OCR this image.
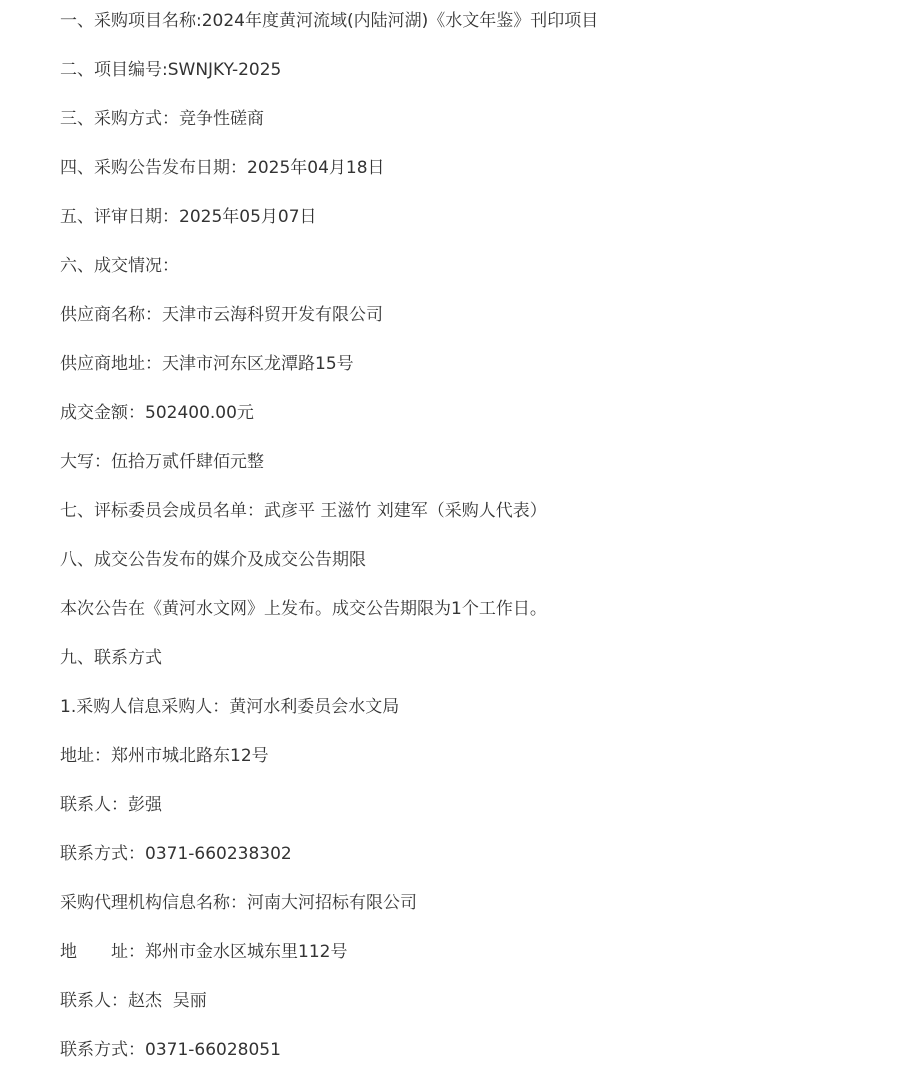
一、采购项目名称:2024年度黄河流域(内陆河湖)《水文年鉴》刊印项目

二、项目编号:SWNJKY-2025

三、采购方式：竞争性磋商

四、采购公告发布日期：2025年04月18日

五、评审日期：2025年05月07日

六、成交情况：

供应商名称：天津市云海科贸开发有限公司

供应商地址：天津市河东区龙潭路15号

成交金额：502400.00元

大写：伍拾万贰仟肆佰元整

七、评标委员会成员名单：武彦平 王滋竹 刘建军（采购人代表）

八、成交公告发布的媒介及成交公告期限

本次公告在《黄河水文网》上发布。成交公告期限为1个工作日。

九、联系方式

1.采购人信息采购人：黄河水利委员会水文局

地址：郑州市城北路东12号

联系人：彭强

联系方式：0371-660238302

采购代理机构信息名称：河南大河招标有限公司

地　　址：郑州市金水区城东里112号

联系人：赵杰  吴丽

联系方式：0371-66028051
